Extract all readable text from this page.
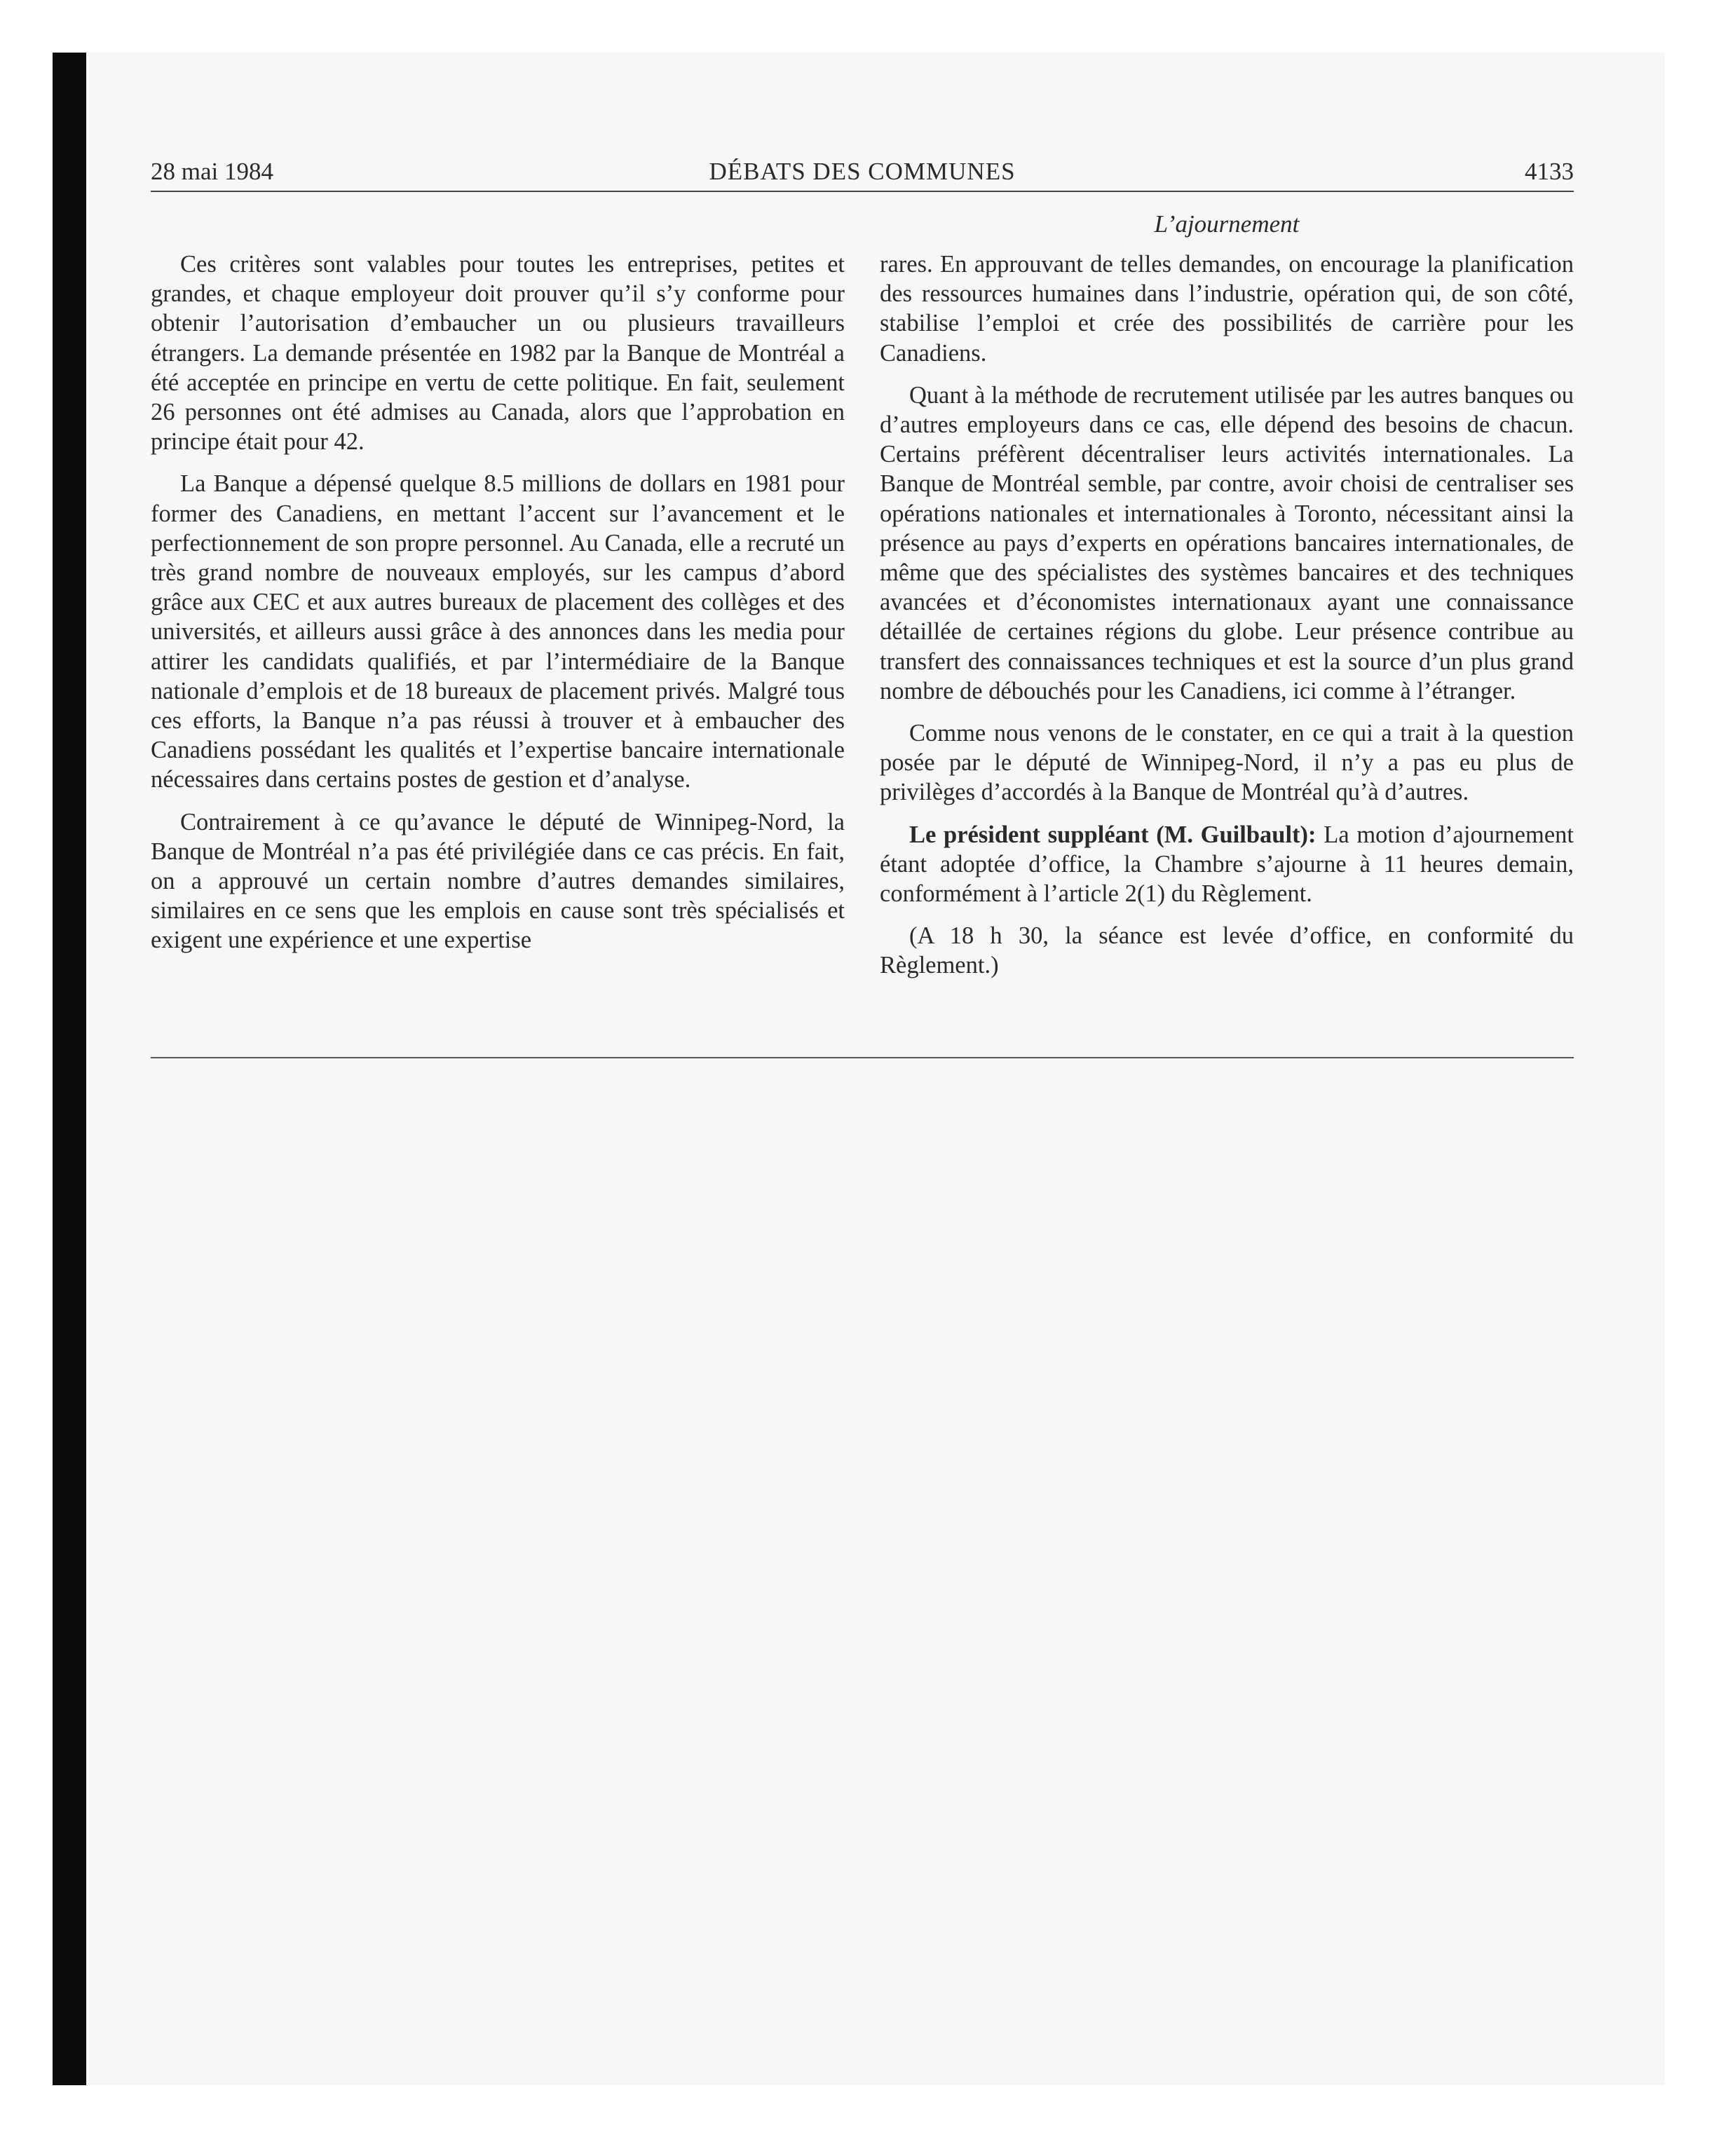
28 mai 1984	DÉBATS DES COMMUNES	4133
L’ajournement

Ces critères sont valables pour toutes les entreprises, petites et grandes, et chaque employeur doit prouver qu’il s’y conforme pour obtenir l’autorisation d’embaucher un ou plusieurs travailleurs étrangers. La demande présentée en 1982 par la Banque de Montréal a été acceptée en principe en vertu de cette politique. En fait, seulement 26 personnes ont été admises au Canada, alors que l’approbation en principe était pour 42.

La Banque a dépensé quelque 8.5 millions de dollars en 1981 pour former des Canadiens, en mettant l’accent sur l’avancement et le perfectionnement de son propre personnel. Au Canada, elle a recruté un très grand nombre de nouveaux employés, sur les campus d’abord grâce aux CEC et aux autres bureaux de placement des collèges et des universités, et ailleurs aussi grâce à des annonces dans les media pour attirer les candidats qualifiés, et par l’intermédiaire de la Banque nationale d’emplois et de 18 bureaux de placement privés. Malgré tous ces efforts, la Banque n’a pas réussi à trouver et à embaucher des Canadiens possédant les qualités et l’expertise bancaire internationale nécessaires dans certains postes de gestion et d’analyse.

Contrairement à ce qu’avance le député de Winnipeg-Nord, la Banque de Montréal n’a pas été privilégiée dans ce cas précis. En fait, on a approuvé un certain nombre d’autres demandes similaires, similaires en ce sens que les emplois en cause sont très spécialisés et exigent une expérience et une expertise

rares. En approuvant de telles demandes, on encourage la planification des ressources humaines dans l’industrie, opération qui, de son côté, stabilise l’emploi et crée des possibilités de carrière pour les Canadiens.

Quant à la méthode de recrutement utilisée par les autres banques ou d’autres employeurs dans ce cas, elle dépend des besoins de chacun. Certains préfèrent décentraliser leurs activités internationales. La Banque de Montréal semble, par contre, avoir choisi de centraliser ses opérations nationales et internationales à Toronto, nécessitant ainsi la présence au pays d’experts en opérations bancaires internationales, de même que des spécialistes des systèmes bancaires et des techniques avancées et d’économistes internationaux ayant une connaissance détaillée de certaines régions du globe. Leur présence contribue au transfert des connaissances techniques et est la source d’un plus grand nombre de débouchés pour les Canadiens, ici comme à l’étranger.

Comme nous venons de le constater, en ce qui a trait à la question posée par le député de Winnipeg-Nord, il n’y a pas eu plus de privilèges d’accordés à la Banque de Montréal qu’à d’autres.

Le président suppléant (M. Guilbault): La motion d’ajournement étant adoptée d’office, la Chambre s’ajourne à 11 heures demain, conformément à l’article 2(1) du Règlement.

(A 18 h 30, la séance est levée d’office, en conformité du Règlement.)
